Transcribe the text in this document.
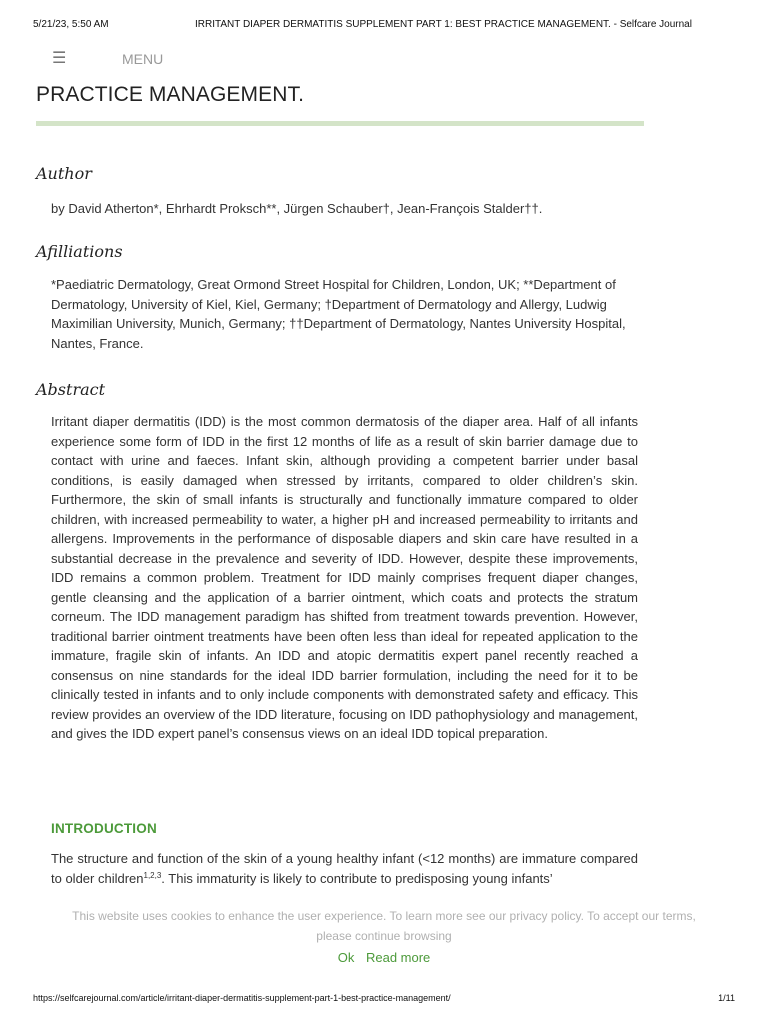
5/21/23, 5:50 AM	IRRITANT DIAPER DERMATITIS SUPPLEMENT PART 1: BEST PRACTICE MANAGEMENT. - Selfcare Journal
☰	MENU
PRACTICE MANAGEMENT.
Author

by David Atherton*, Ehrhardt Proksch**, Jürgen Schauber†, Jean-François Stalder††.

Afilliations

*Paediatric Dermatology, Great Ormond Street Hospital for Children, London, UK; **Department of Dermatology, University of Kiel, Kiel, Germany; †Department of Dermatology and Allergy, Ludwig Maximilian University, Munich, Germany; ††Department of Dermatology, Nantes University Hospital, Nantes, France.

Abstract

Irritant diaper dermatitis (IDD) is the most common dermatosis of the diaper area. Half of all infants experience some form of IDD in the first 12 months of life as a result of skin barrier damage due to contact with urine and faeces. Infant skin, although providing a competent barrier under basal conditions, is easily damaged when stressed by irritants, compared to older children’s skin. Furthermore, the skin of small infants is structurally and functionally immature compared to older children, with increased permeability to water, a higher pH and increased permeability to irritants and allergens. Improvements in the performance of disposable diapers and skin care have resulted in a substantial decrease in the prevalence and severity of IDD. However, despite these improvements, IDD remains a common problem. Treatment for IDD mainly comprises frequent diaper changes, gentle cleansing and the application of a barrier ointment, which coats and protects the stratum corneum. The IDD management paradigm has shifted from treatment towards prevention. However, traditional barrier ointment treatments have been often less than ideal for repeated application to the immature, fragile skin of infants. An IDD and atopic dermatitis expert panel recently reached a consensus on nine standards for the ideal IDD barrier formulation, including the need for it to be clinically tested in infants and to only include components with demonstrated safety and efficacy. This review provides an overview of the IDD literature, focusing on IDD pathophysiology and management, and gives the IDD expert panel’s consensus views on an ideal IDD topical preparation.

INTRODUCTION

The structure and function of the skin of a young healthy infant (<12 months) are immature compared to older children$^{1,2,3}$. This immaturity is likely to contribute to predisposing young infants’

This website uses cookies to enhance the user experience. To learn more see our privacy policy. To accept our terms, please continue browsing

Ok Read more
https://selfcarejournal.com/article/irritant-diaper-dermatitis-supplement-part-1-best-practice-management/	1/11
